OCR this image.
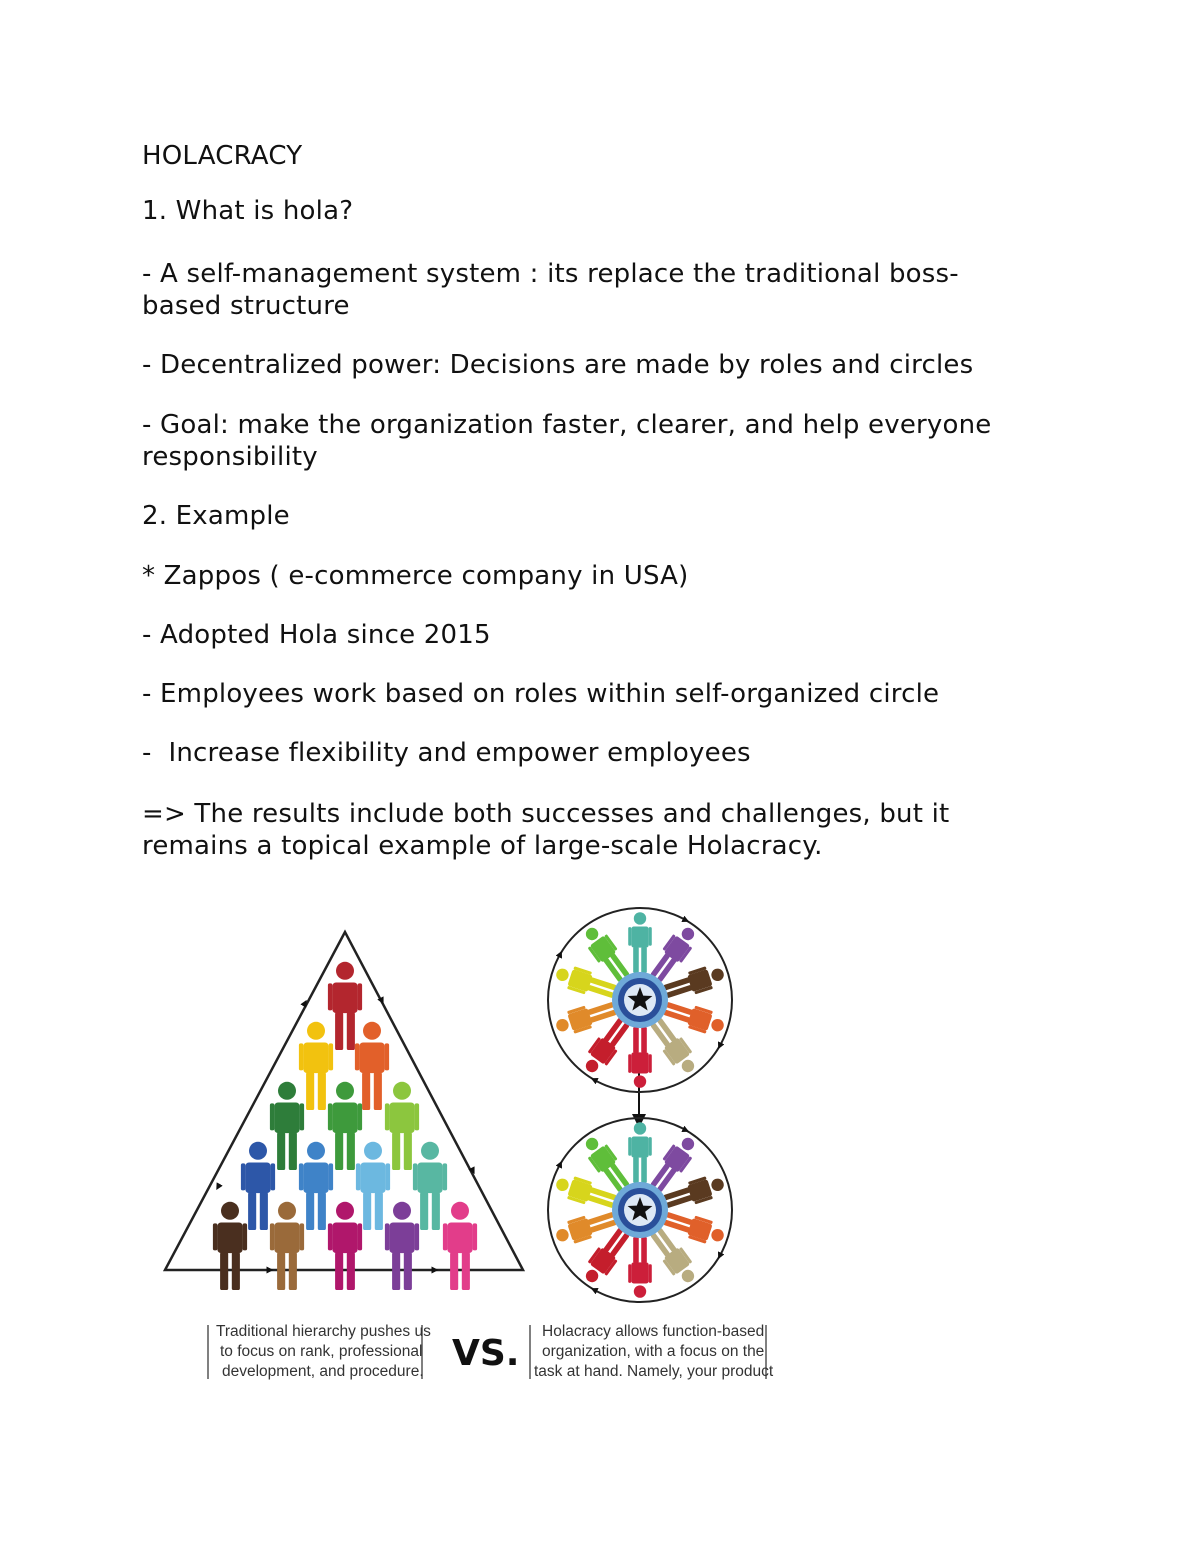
HOLACRACY

1. What is hola?

- A self-management system : its replace the traditional boss-
based structure

- Decentralized power: Decisions are made by roles and circles

- Goal: make the organization faster, clearer, and help everyone
responsibility

2. Example

* Zappos ( e-commerce company in USA)

- Adopted Hola since 2015

- Employees work based on roles within self-organized circle

-  Increase flexibility and empower employees

=> The results include both successes and challenges, but it
remains a topical example of large-scale Holacracy.

Traditional hierarchy pushes us
to focus on rank, professional
development, and procedure. VS.
Holacracy allows function-based
organization, with a focus on the
task at hand. Namely, your product
